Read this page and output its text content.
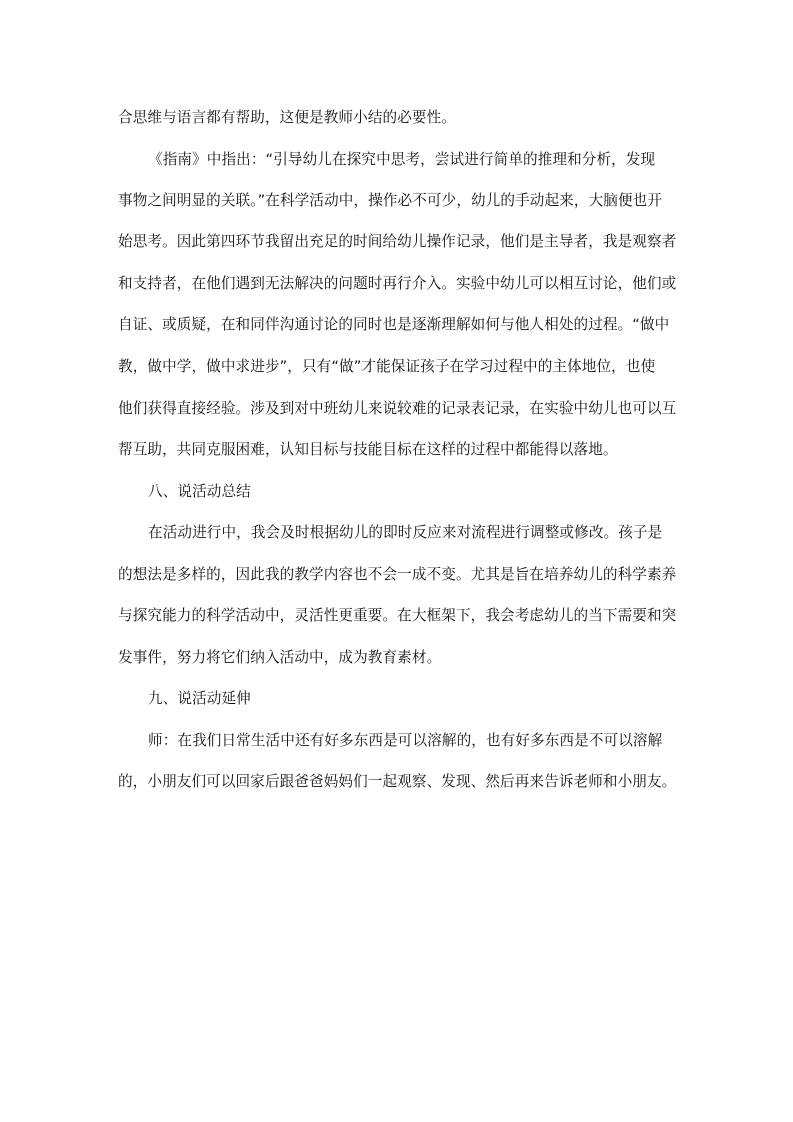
合思维与语言都有帮助，这便是教师小结的必要性。
《指南》中指出：“引导幼儿在探究中思考，尝试进行简单的推理和分析，发现
事物之间明显的关联。”在科学活动中，操作必不可少，幼儿的手动起来，大脑便也开
始思考。因此第四环节我留出充足的时间给幼儿操作记录，他们是主导者，我是观察者
和支持者，在他们遇到无法解决的问题时再行介入。实验中幼儿可以相互讨论，他们或
自证、或质疑，在和同伴沟通讨论的同时也是逐渐理解如何与他人相处的过程。“做中
教，做中学，做中求进步”，只有“做”才能保证孩子在学习过程中的主体地位，也使
他们获得直接经验。涉及到对中班幼儿来说较难的记录表记录，在实验中幼儿也可以互
帮互助，共同克服困难，认知目标与技能目标在这样的过程中都能得以落地。
八、说活动总结
在活动进行中，我会及时根据幼儿的即时反应来对流程进行调整或修改。孩子是
的想法是多样的，因此我的教学内容也不会一成不变。尤其是旨在培养幼儿的科学素养
与探究能力的科学活动中，灵活性更重要。在大框架下，我会考虑幼儿的当下需要和突
发事件，努力将它们纳入活动中，成为教育素材。
九、说活动延伸
师：在我们日常生活中还有好多东西是可以溶解的，也有好多东西是不可以溶解
的，小朋友们可以回家后跟爸爸妈妈们一起观察、发现、然后再来告诉老师和小朋友。
